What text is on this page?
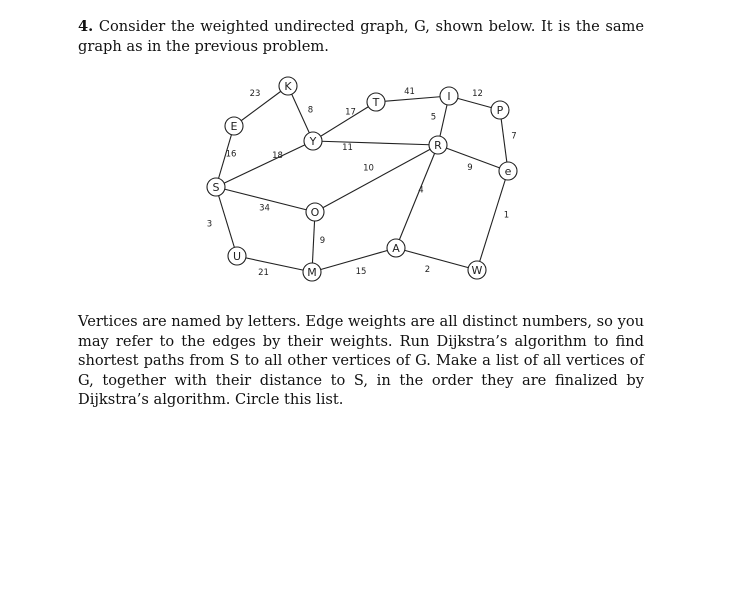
4. Consider the weighted undirected graph, G, shown below. It is the same graph as in the previous problem.

23
8
16
17
41	12
5
7
11
18
9
10
34
4
3
1
9
21	15	2
K
E
Y
T	I
P
R
e
S
O
A
U
M	W

Vertices are named by letters. Edge weights are all distinct numbers, so you may refer to the edges by their weights. Run Dijkstra’s algorithm to find shortest paths from S to all other vertices of G. Make a list of all vertices of G, together with their distance to S, in the order they are finalized by Dijkstra’s algorithm. Circle this list.
